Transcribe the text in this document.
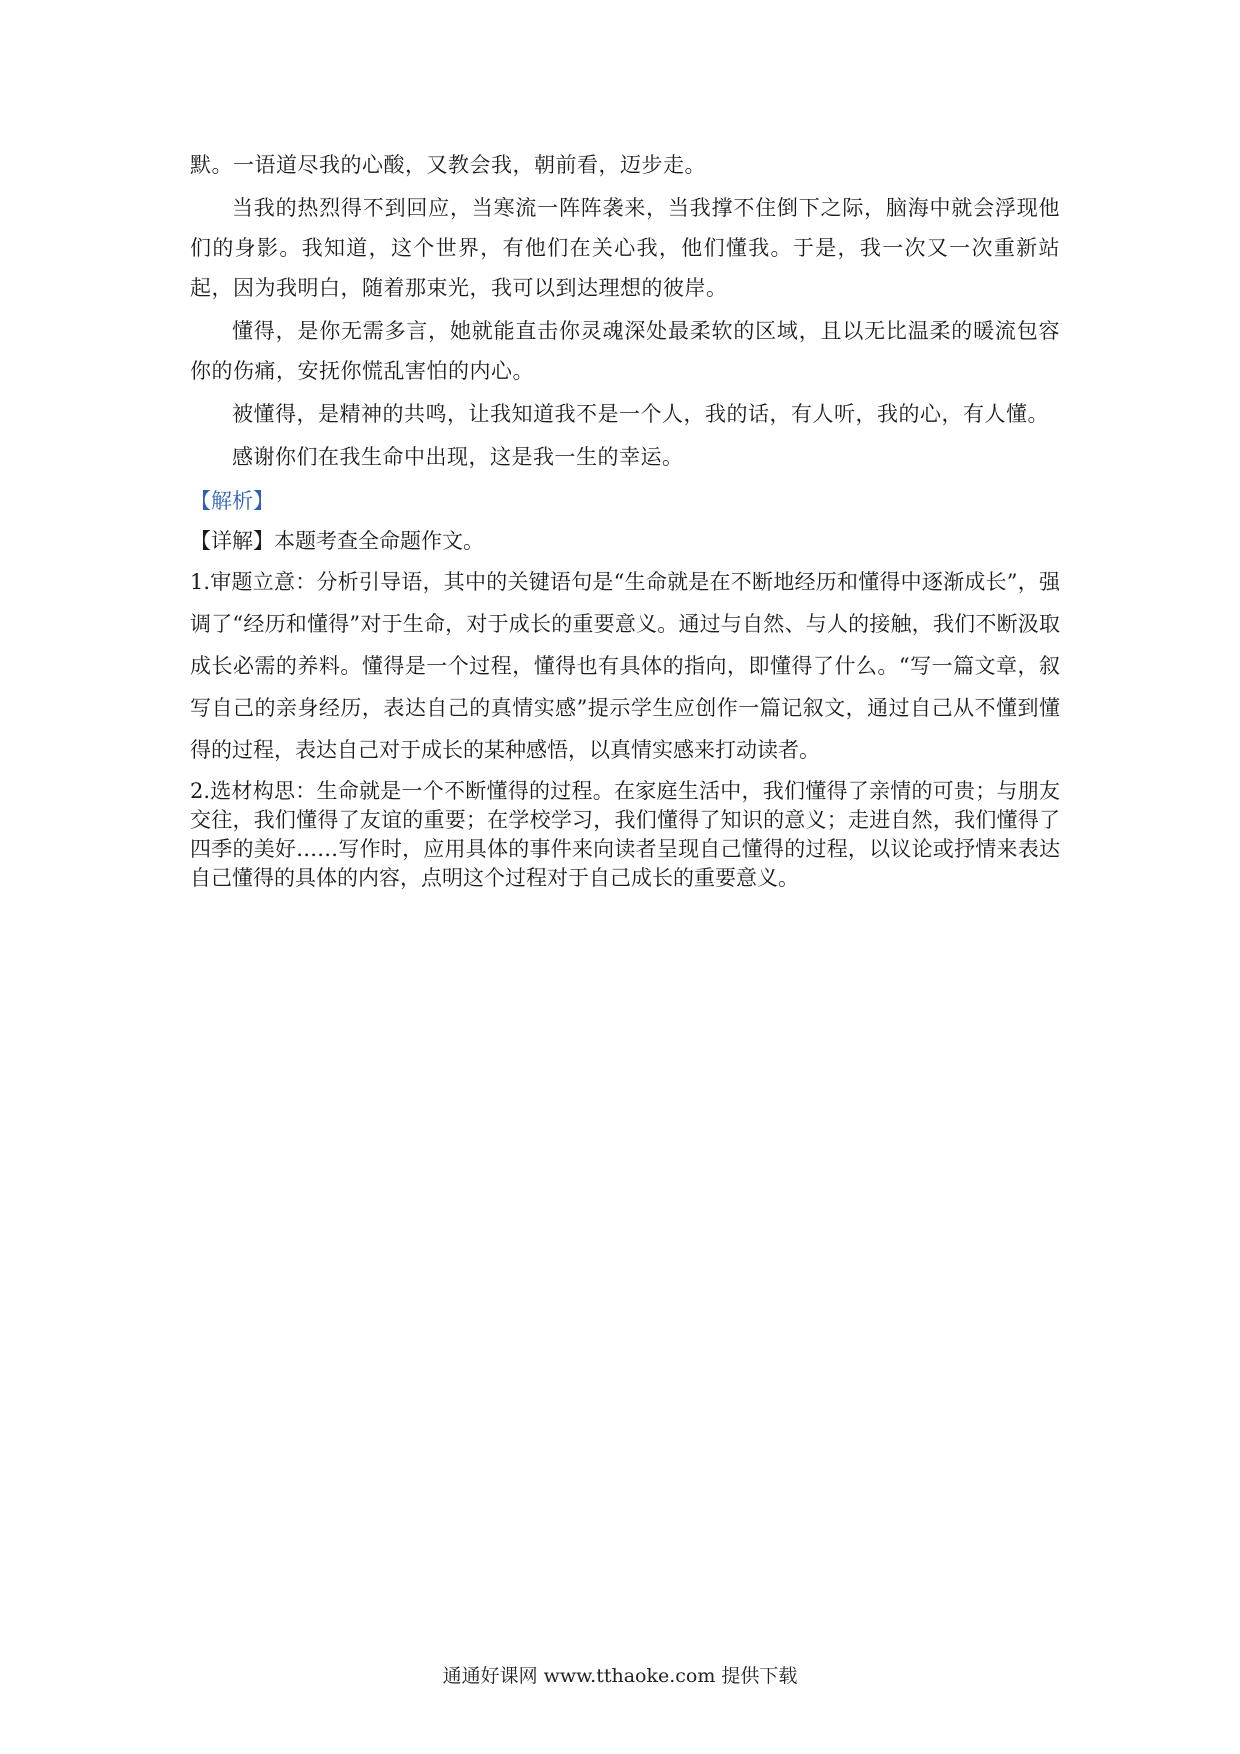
默。一语道尽我的心酸，又教会我，朝前看，迈步走。

当我的热烈得不到回应，当寒流一阵阵袭来，当我撑不住倒下之际，脑海中就会浮现他们的身影。我知道，这个世界，有他们在关心我，他们懂我。于是，我一次又一次重新站起，因为我明白，随着那束光，我可以到达理想的彼岸。

懂得，是你无需多言，她就能直击你灵魂深处最柔软的区域，且以无比温柔的暖流包容你的伤痛，安抚你慌乱害怕的内心。

被懂得，是精神的共鸣，让我知道我不是一个人，我的话，有人听，我的心，有人懂。

感谢你们在我生命中出现，这是我一生的幸运。

【解析】
【详解】本题考查全命题作文。

1.审题立意：分析引导语，其中的关键语句是“生命就是在不断地经历和懂得中逐渐成长”，强调了“经历和懂得”对于生命，对于成长的重要意义。通过与自然、与人的接触，我们不断汲取成长必需的养料。懂得是一个过程，懂得也有具体的指向，即懂得了什么。“写一篇文章，叙写自己的亲身经历，表达自己的真情实感”提示学生应创作一篇记叙文，通过自己从不懂到懂得的过程，表达自己对于成长的某种感悟，以真情实感来打动读者。

2.选材构思：生命就是一个不断懂得的过程。在家庭生活中，我们懂得了亲情的可贵；与朋友交往，我们懂得了友谊的重要；在学校学习，我们懂得了知识的意义；走进自然，我们懂得了四季的美好……写作时，应用具体的事件来向读者呈现自己懂得的过程，以议论或抒情来表达自己懂得的具体的内容，点明这个过程对于自己成长的重要意义。

通通好课网 www.tthaoke.com 提供下载
